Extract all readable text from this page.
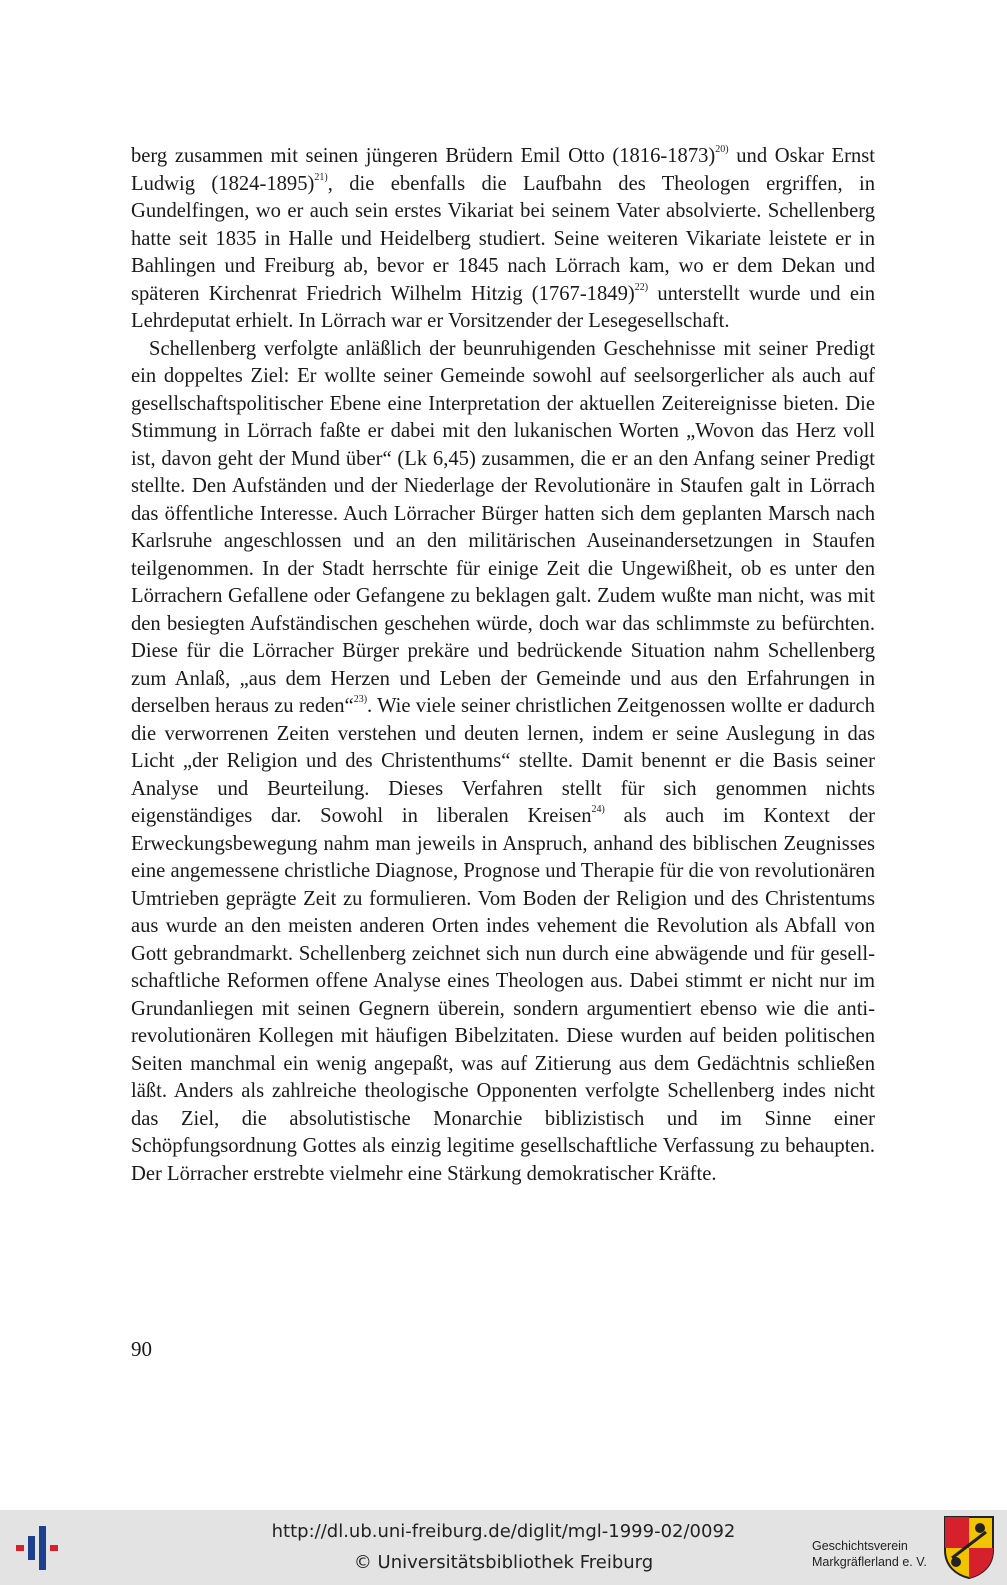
berg zusammen mit seinen jüngeren Brüdern Emil Otto (1816-1873)$^{20)}$ und Oskar Ernst Ludwig (1824-1895)$^{21)}$, die ebenfalls die Laufbahn des Theologen ergriffen, in Gundelfingen, wo er auch sein erstes Vikariat bei seinem Vater absolvierte. Schellenberg hatte seit 1835 in Halle und Heidelberg studiert. Seine weiteren Vikariate leistete er in Bahlingen und Freiburg ab, bevor er 1845 nach Lörrach kam, wo er dem Dekan und späteren Kirchenrat Friedrich Wilhelm Hitzig (1767-1849)$^{22)}$ unterstellt wurde und ein Lehrdeputat erhielt. In Lörrach war er Vorsitzender der Lesegesellschaft.

Schellenberg verfolgte anläßlich der beunruhigenden Geschehnisse mit seiner Predigt ein doppeltes Ziel: Er wollte seiner Gemeinde sowohl auf seelsorgerlicher als auch auf gesellschaftspolitischer Ebene eine Interpretation der aktuellen Zeitereignisse bieten. Die Stimmung in Lörrach faßte er dabei mit den lukanischen Worten „Wovon das Herz voll ist, davon geht der Mund über“ (Lk 6,45) zusammen, die er an den Anfang seiner Predigt stellte. Den Aufständen und der Niederlage der Revolutionäre in Staufen galt in Lörrach das öffentliche Interesse. Auch Lörracher Bürger hatten sich dem geplanten Marsch nach Karlsruhe angeschlossen und an den militärischen Auseinandersetzungen in Staufen teilgenommen. In der Stadt herrschte für einige Zeit die Ungewißheit, ob es unter den Lörrachern Gefallene oder Gefangene zu beklagen galt. Zudem wußte man nicht, was mit den besiegten Aufständischen geschehen würde, doch war das schlimmste zu befürchten. Diese für die Lörracher Bürger prekäre und bedrückende Situation nahm Schellenberg zum Anlaß, „aus dem Herzen und Leben der Gemeinde und aus den Erfahrungen in derselben heraus zu reden“$^{23)}$. Wie viele seiner christlichen Zeitgenossen wollte er dadurch die verworrenen Zeiten verstehen und deuten lernen, indem er seine Auslegung in das Licht „der Religion und des Christenthums“ stellte. Damit benennt er die Basis seiner Analyse und Beurteilung. Dieses Verfahren stellt für sich genommen nichts eigenständiges dar. Sowohl in liberalen Kreisen$^{24)}$ als auch im Kontext der Erweckungsbewegung nahm man jeweils in Anspruch, anhand des biblischen Zeugnisses eine angemessene christliche Diagnose, Prognose und Therapie für die von revolutionären Umtrieben geprägte Zeit zu formulieren. Vom Boden der Religion und des Christentums aus wurde an den meisten anderen Orten indes vehement die Revolution als Abfall von Gott gebrandmarkt. Schellenberg zeichnet sich nun durch eine abwägende und für gesellschaftliche Reformen offene Analyse eines Theologen aus. Dabei stimmt er nicht nur im Grundanliegen mit seinen Gegnern überein, sondern argumentiert ebenso wie die anti-revolutionären Kollegen mit häufigen Bibelzitaten. Diese wurden auf beiden politischen Seiten manchmal ein wenig angepaßt, was auf Zitierung aus dem Gedächtnis schließen läßt. Anders als zahlreiche theologische Opponenten verfolgte Schellenberg indes nicht das Ziel, die absolutistische Monarchie biblizistisch und im Sinne einer Schöpfungsordnung Gottes als einzig legitime gesellschaftliche Verfassung zu behaupten. Der Lörracher erstrebte vielmehr eine Stärkung demokratischer Kräfte.

90
http://dl.ub.uni-freiburg.de/diglit/mgl-1999-02/0092
© Universitätsbibliothek Freiburg
Geschichtsverein
Markgräflerland e. V.
